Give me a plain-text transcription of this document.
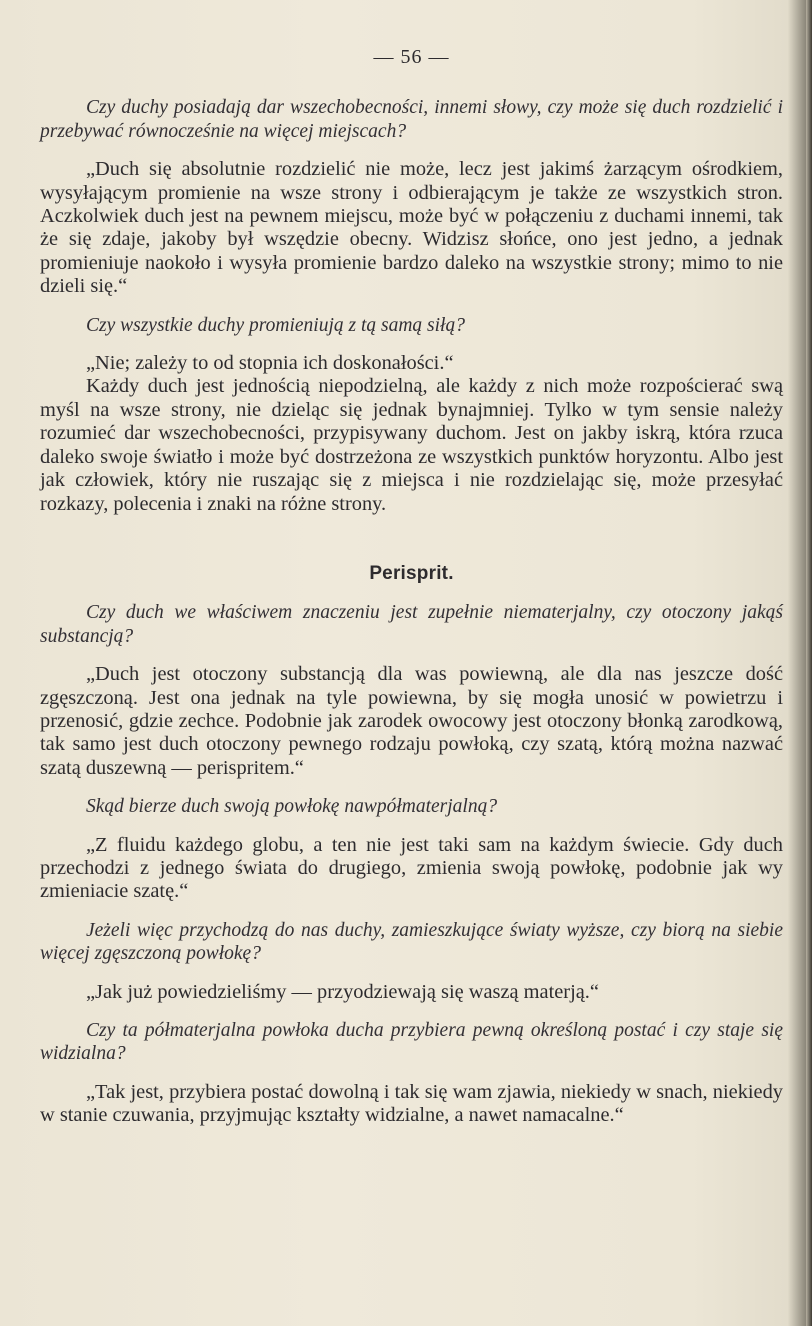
— 56 —

Czy duchy posiadają dar wszechobecności, innemi słowy, czy może się duch rozdzielić i przebywać równocześnie na więcej miejscach?

„Duch się absolutnie rozdzielić nie może, lecz jest jakimś żarzącym ośrodkiem, wysyłającym promienie na wsze strony i odbierającym je także ze wszystkich stron. Aczkolwiek duch jest na pewnem miejscu, może być w połączeniu z duchami innemi, tak że się zdaje, jakoby był wszędzie obecny. Widzisz słońce, ono jest jedno, a jednak promieniuje naokoło i wysyła promienie bardzo daleko na wszystkie strony; mimo to nie dzieli się.“

Czy wszystkie duchy promieniują z tą samą siłą?

„Nie; zależy to od stopnia ich doskonałości.“

Każdy duch jest jednością niepodzielną, ale każdy z nich może rozpościerać swą myśl na wsze strony, nie dzieląc się jednak bynajmniej. Tylko w tym sensie należy rozumieć dar wszechobecności, przypisywany duchom. Jest on jakby iskrą, która rzuca daleko swoje światło i może być dostrzeżona ze wszystkich punktów horyzontu. Albo jest jak człowiek, który nie ruszając się z miejsca i nie rozdzielając się, może przesyłać rozkazy, polecenia i znaki na różne strony.

Perisprit.

Czy duch we właściwem znaczeniu jest zupełnie niematerjalny, czy otoczony jakąś substancją?

„Duch jest otoczony substancją dla was powiewną, ale dla nas jeszcze dość zgęszczoną. Jest ona jednak na tyle powiewna, by się mogła unosić w powietrzu i przenosić, gdzie zechce. Podobnie jak zarodek owocowy jest otoczony błonką zarodkową, tak samo jest duch otoczony pewnego rodzaju powłoką, czy szatą, którą można nazwać szatą duszewną — perispritem.“

Skąd bierze duch swoją powłokę nawpółmaterjalną?

„Z fluidu każdego globu, a ten nie jest taki sam na każdym świecie. Gdy duch przechodzi z jednego świata do drugiego, zmienia swoją powłokę, podobnie jak wy zmieniacie szatę.“

Jeżeli więc przychodzą do nas duchy, zamieszkujące światy wyższe, czy biorą na siebie więcej zgęszczoną powłokę?

„Jak już powiedzieliśmy — przyodziewają się waszą materją.“

Czy ta półmaterjalna powłoka ducha przybiera pewną określoną postać i czy staje się widzialna?

„Tak jest, przybiera postać dowolną i tak się wam zjawia, niekiedy w snach, niekiedy w stanie czuwania, przyjmując kształty widzialne, a nawet namacalne.“
